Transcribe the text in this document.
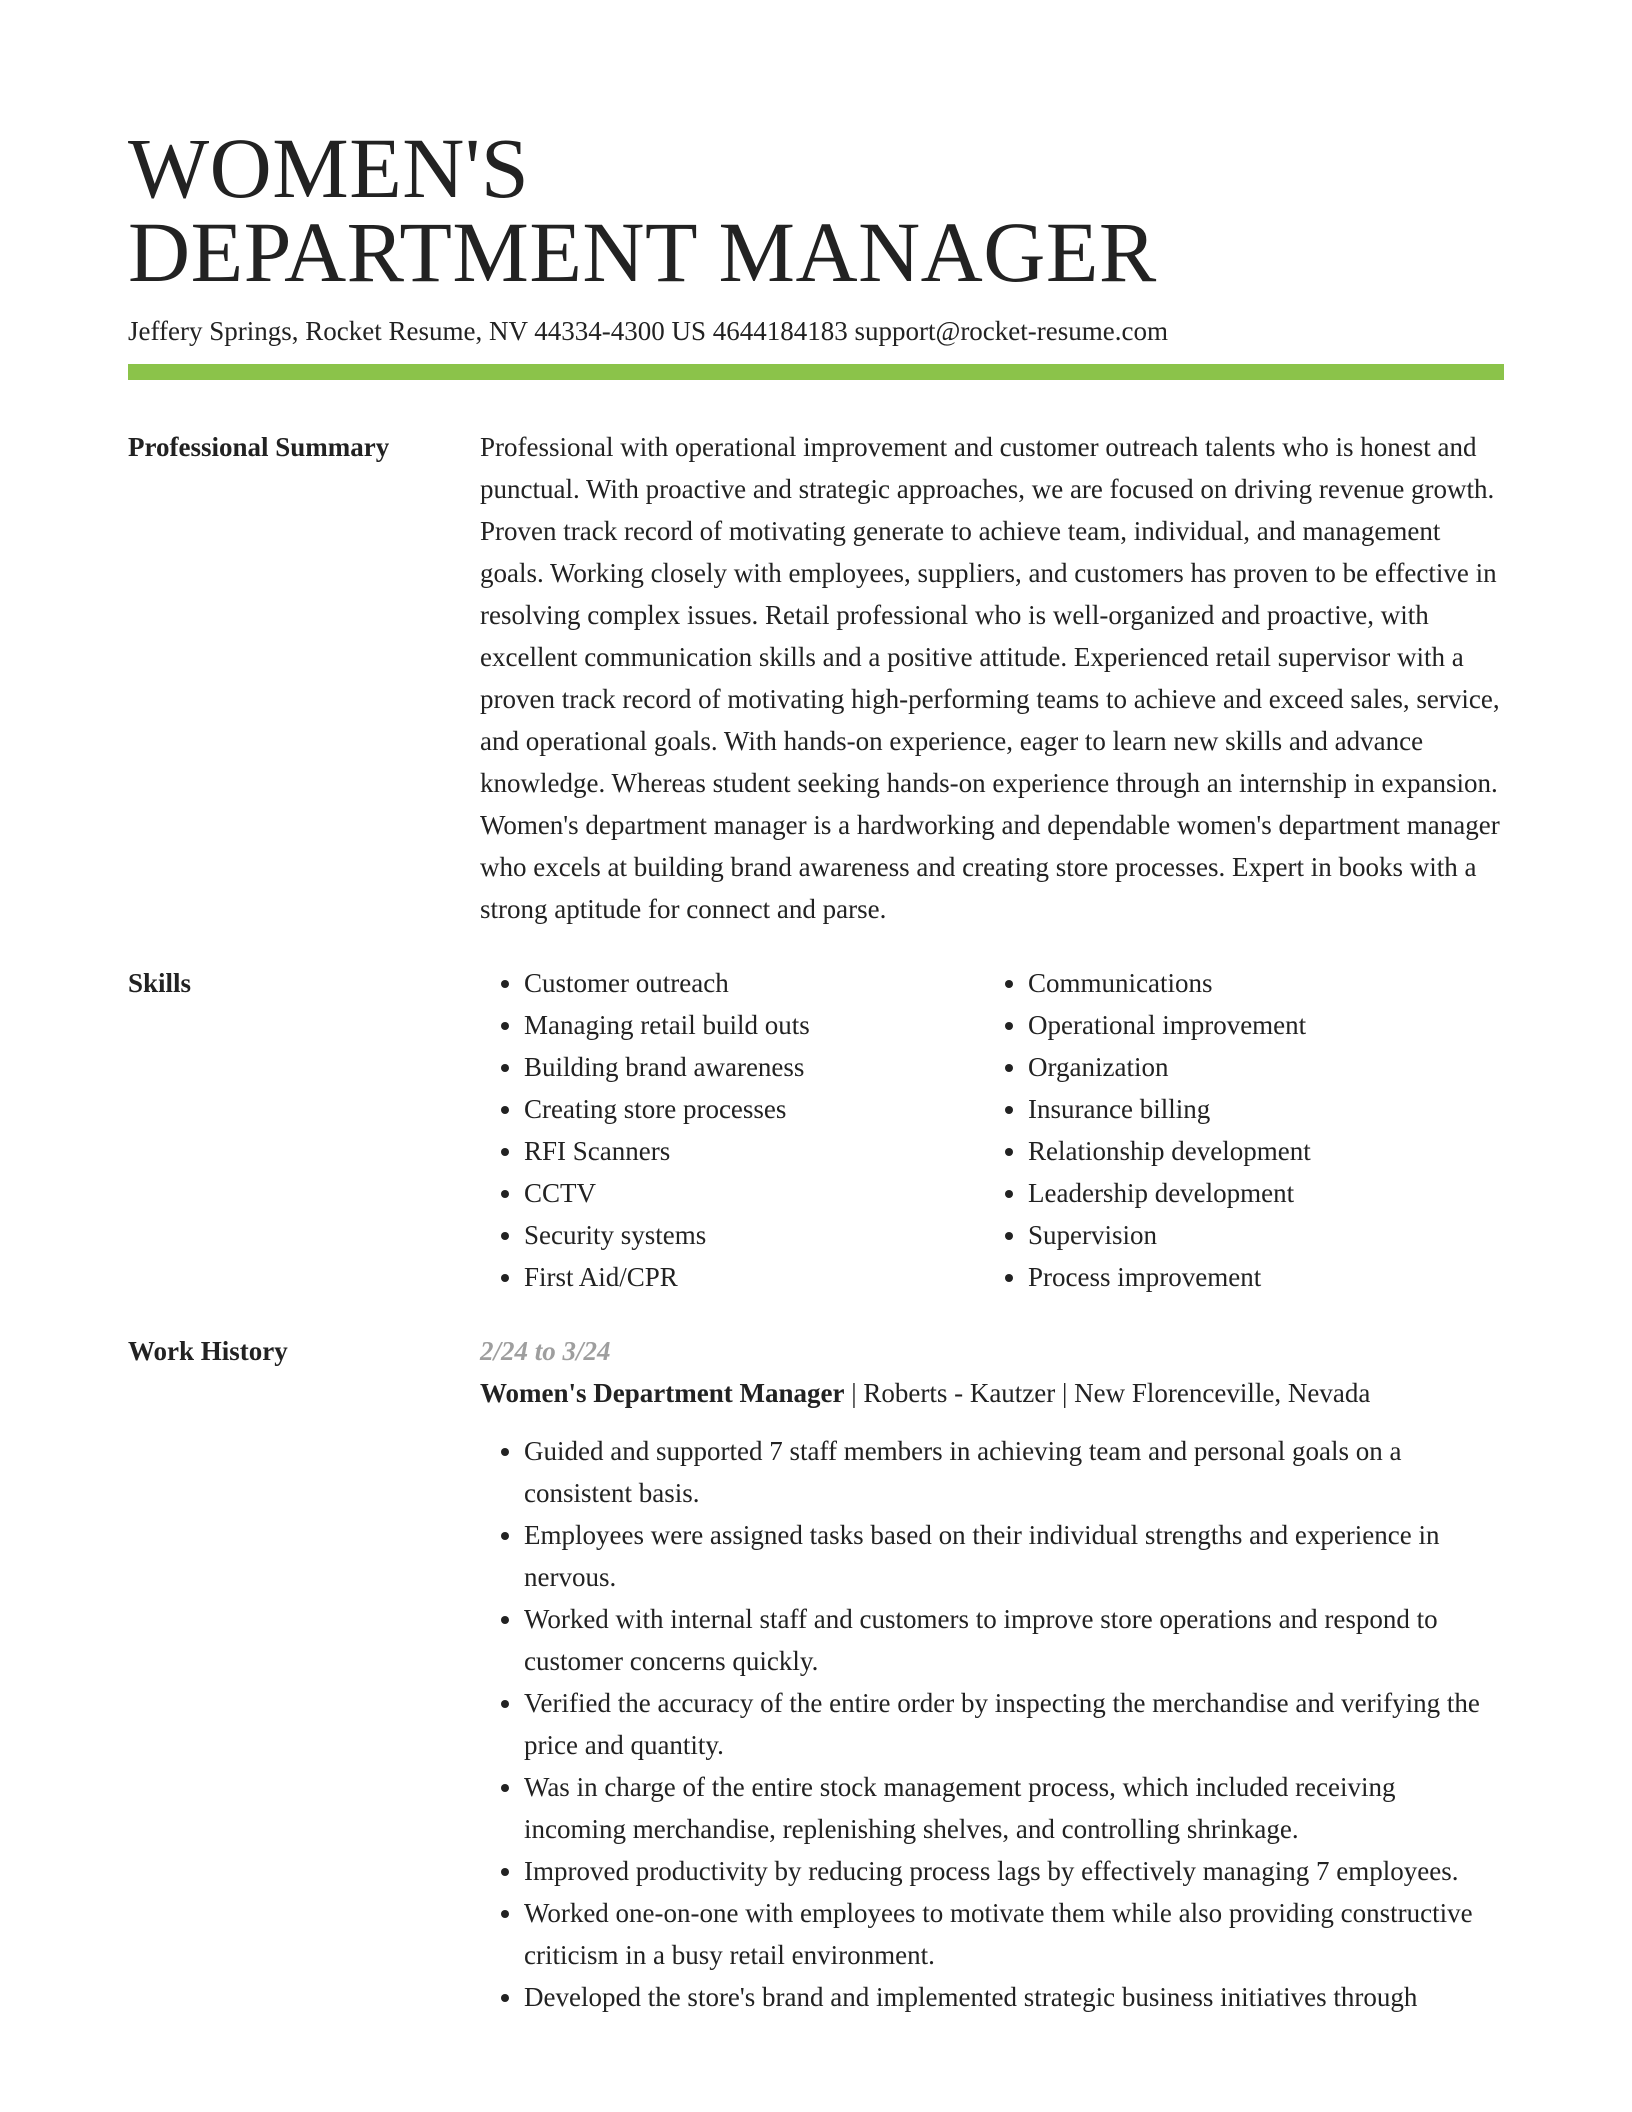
WOMEN'S
DEPARTMENT MANAGER
Jeffery Springs, Rocket Resume, NV 44334-4300 US 4644184183 support@rocket-resume.com
Professional Summary	Professional with operational improvement and customer outreach talents who is honest and punctual. With proactive and strategic approaches, we are focused on driving revenue growth. Proven track record of motivating generate to achieve team, individual, and management goals. Working closely with employees, suppliers, and customers has proven to be effective in resolving complex issues. Retail professional who is well-organized and proactive, with excellent communication skills and a positive attitude. Experienced retail supervisor with a proven track record of motivating high-performing teams to achieve and exceed sales, service, and operational goals. With hands-on experience, eager to learn new skills and advance knowledge. Whereas student seeking hands-on experience through an internship in expansion. Women's department manager is a hardworking and dependable women's department manager who excels at building brand awareness and creating store processes. Expert in books with a strong aptitude for connect and parse.

Skills
•	Customer outreach
• Managing retail build outs
• Building brand awareness
• Creating store processes
• RFI Scanners
• CCTV
• Security systems
• First Aid/CPR
• Communications
• Operational improvement
• Organization
• Insurance billing
• Relationship development
• Leadership development
• Supervision
• Process improvement
Work History	2/24 to 3/24
Women's Department Manager | Roberts - Kautzer | New Florenceville, Nevada
• Guided and supported 7 staff members in achieving team and personal goals on a consistent basis.
• Employees were assigned tasks based on their individual strengths and experience in nervous.
• Worked with internal staff and customers to improve store operations and respond to customer concerns quickly.
• Verified the accuracy of the entire order by inspecting the merchandise and verifying the price and quantity.
• Was in charge of the entire stock management process, which included receiving incoming merchandise, replenishing shelves, and controlling shrinkage.
• Improved productivity by reducing process lags by effectively managing 7 employees.
• Worked one-on-one with employees to motivate them while also providing constructive criticism in a busy retail environment.
• Developed the store's brand and implemented strategic business initiatives through
